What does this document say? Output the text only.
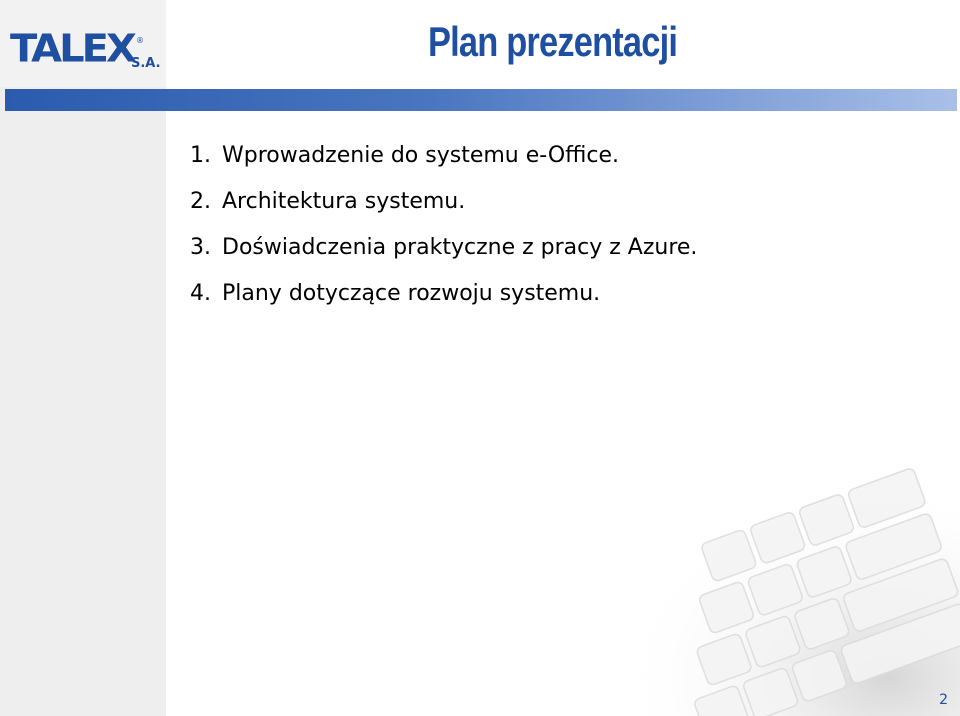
TALEX ®
S.A.	Plan prezentacji
1. Wprowadzenie do systemu e-Office.
2. Architektura systemu.
3. Doświadczenia praktyczne z pracy z Azure.
4. Plany dotyczące rozwoju systemu.
2
